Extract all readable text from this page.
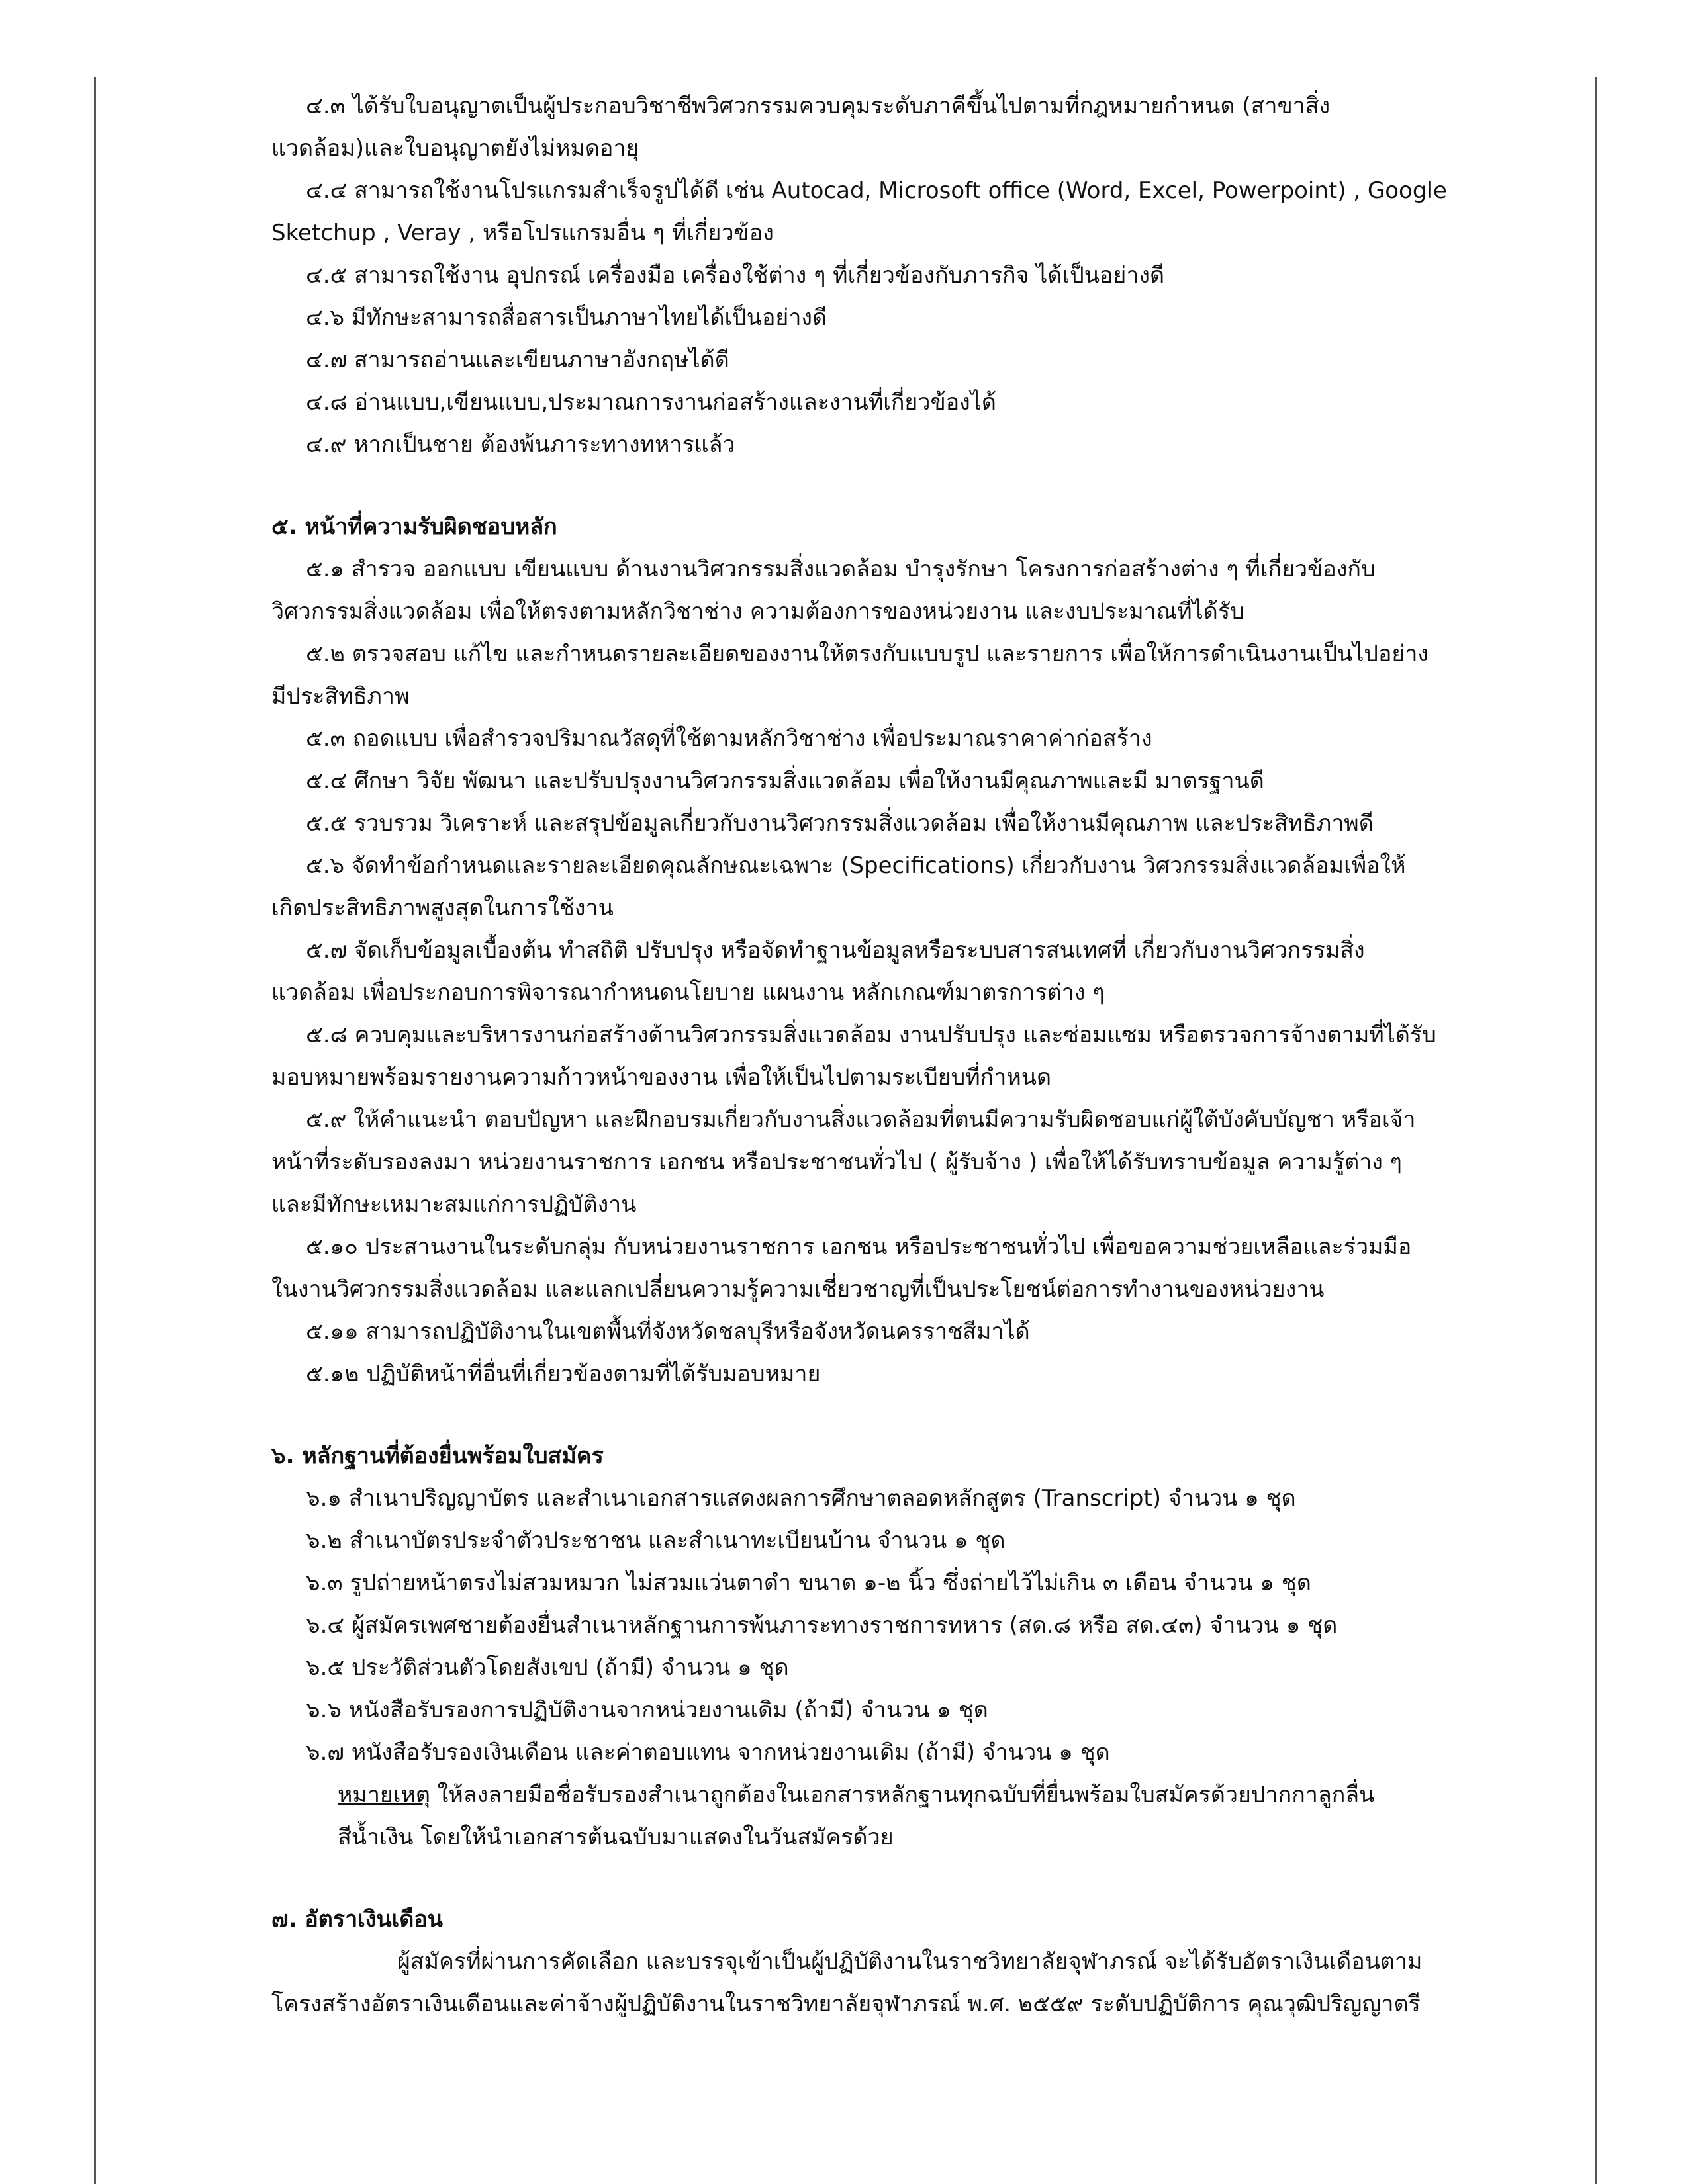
๔.๓ ได้รับใบอนุญาตเป็นผู้ประกอบวิชาชีพวิศวกรรมควบคุมระดับภาคีขึ้นไปตามที่กฎหมายกำหนด (สาขาสิ่ง

แวดล้อม)และใบอนุญาตยังไม่หมดอายุ

๔.๔ สามารถใช้งานโปรแกรมสำเร็จรูปได้ดี เช่น Autocad, Microsoft office (Word, Excel, Powerpoint) , Google

Sketchup , Veray , หรือโปรแกรมอื่น ๆ ที่เกี่ยวข้อง

๔.๕ สามารถใช้งาน อุปกรณ์ เครื่องมือ เครื่องใช้ต่าง ๆ ที่เกี่ยวข้องกับภารกิจ ได้เป็นอย่างดี

๔.๖ มีทักษะสามารถสื่อสารเป็นภาษาไทยได้เป็นอย่างดี

๔.๗ สามารถอ่านและเขียนภาษาอังกฤษได้ดี

๔.๘ อ่านแบบ,เขียนแบบ,ประมาณการงานก่อสร้างและงานที่เกี่ยวข้องได้

๔.๙ หากเป็นชาย ต้องพ้นภาระทางทหารแล้ว

๕. หน้าที่ความรับผิดชอบหลัก

๕.๑ สำรวจ ออกแบบ เขียนแบบ ด้านงานวิศวกรรมสิ่งแวดล้อม บำรุงรักษา โครงการก่อสร้างต่าง ๆ ที่เกี่ยวข้องกับ

วิศวกรรมสิ่งแวดล้อม เพื่อให้ตรงตามหลักวิชาช่าง ความต้องการของหน่วยงาน และงบประมาณที่ได้รับ

๕.๒ ตรวจสอบ แก้ไข และกำหนดรายละเอียดของงานให้ตรงกับแบบรูป และรายการ เพื่อให้การดำเนินงานเป็นไปอย่าง

มีประสิทธิภาพ

๕.๓ ถอดแบบ เพื่อสำรวจปริมาณวัสดุที่ใช้ตามหลักวิชาช่าง เพื่อประมาณราคาค่าก่อสร้าง

๕.๔ ศึกษา วิจัย พัฒนา และปรับปรุงงานวิศวกรรมสิ่งแวดล้อม เพื่อให้งานมีคุณภาพและมี มาตรฐานดี

๕.๕ รวบรวม วิเคราะห์ และสรุปข้อมูลเกี่ยวกับงานวิศวกรรมสิ่งแวดล้อม เพื่อให้งานมีคุณภาพ และประสิทธิภาพดี

๕.๖ จัดทำข้อกำหนดและรายละเอียดคุณลักษณะเฉพาะ (Specifications) เกี่ยวกับงาน วิศวกรรมสิ่งแวดล้อมเพื่อให้

เกิดประสิทธิภาพสูงสุดในการใช้งาน

๕.๗ จัดเก็บข้อมูลเบื้องต้น ทำสถิติ ปรับปรุง หรือจัดทำฐานข้อมูลหรือระบบสารสนเทศที่ เกี่ยวกับงานวิศวกรรมสิ่ง

แวดล้อม เพื่อประกอบการพิจารณากำหนดนโยบาย แผนงาน หลักเกณฑ์มาตรการต่าง ๆ

๕.๘ ควบคุมและบริหารงานก่อสร้างด้านวิศวกรรมสิ่งแวดล้อม งานปรับปรุง และซ่อมแซม หรือตรวจการจ้างตามที่ได้รับ

มอบหมายพร้อมรายงานความก้าวหน้าของงาน เพื่อให้เป็นไปตามระเบียบที่กำหนด

๕.๙ ให้คำแนะนำ ตอบปัญหา และฝึกอบรมเกี่ยวกับงานสิ่งแวดล้อมที่ตนมีความรับผิดชอบแก่ผู้ใต้บังคับบัญชา หรือเจ้า

หน้าที่ระดับรองลงมา หน่วยงานราชการ เอกชน หรือประชาชนทั่วไป ( ผู้รับจ้าง ) เพื่อให้ได้รับทราบข้อมูล ความรู้ต่าง ๆ

และมีทักษะเหมาะสมแก่การปฏิบัติงาน

๕.๑๐ ประสานงานในระดับกลุ่ม กับหน่วยงานราชการ เอกชน หรือประชาชนทั่วไป เพื่อขอความช่วยเหลือและร่วมมือ

ในงานวิศวกรรมสิ่งแวดล้อม และแลกเปลี่ยนความรู้ความเชี่ยวชาญที่เป็นประโยชน์ต่อการทำงานของหน่วยงาน

๕.๑๑ สามารถปฏิบัติงานในเขตพื้นที่จังหวัดชลบุรีหรือจังหวัดนครราชสีมาได้

๕.๑๒ ปฏิบัติหน้าที่อื่นที่เกี่ยวข้องตามที่ได้รับมอบหมาย

๖. หลักฐานที่ต้องยื่นพร้อมใบสมัคร

๖.๑ สำเนาปริญญาบัตร และสำเนาเอกสารแสดงผลการศึกษาตลอดหลักสูตร (Transcript) จำนวน ๑ ชุด

๖.๒ สำเนาบัตรประจำตัวประชาชน และสำเนาทะเบียนบ้าน จำนวน ๑ ชุด

๖.๓ รูปถ่ายหน้าตรงไม่สวมหมวก ไม่สวมแว่นตาดำ ขนาด ๑-๒ นิ้ว ซึ่งถ่ายไว้ไม่เกิน ๓ เดือน จำนวน ๑ ชุด

๖.๔ ผู้สมัครเพศชายต้องยื่นสำเนาหลักฐานการพ้นภาระทางราชการทหาร (สด.๘ หรือ สด.๔๓) จำนวน ๑ ชุด

๖.๕ ประวัติส่วนตัวโดยสังเขป (ถ้ามี) จำนวน ๑ ชุด

๖.๖ หนังสือรับรองการปฏิบัติงานจากหน่วยงานเดิม (ถ้ามี) จำนวน ๑ ชุด

๖.๗ หนังสือรับรองเงินเดือน และค่าตอบแทน จากหน่วยงานเดิม (ถ้ามี) จำนวน ๑ ชุด

หมายเหตุ ให้ลงลายมือชื่อรับรองสำเนาถูกต้องในเอกสารหลักฐานทุกฉบับที่ยื่นพร้อมใบสมัครด้วยปากกาลูกลื่น

สีน้ำเงิน โดยให้นำเอกสารต้นฉบับมาแสดงในวันสมัครด้วย

๗. อัตราเงินเดือน

ผู้สมัครที่ผ่านการคัดเลือก และบรรจุเข้าเป็นผู้ปฏิบัติงานในราชวิทยาลัยจุฬาภรณ์ จะได้รับอัตราเงินเดือนตาม

โครงสร้างอัตราเงินเดือนและค่าจ้างผู้ปฏิบัติงานในราชวิทยาลัยจุฬาภรณ์ พ.ศ. ๒๕๕๙ ระดับปฏิบัติการ คุณวุฒิปริญญาตรี
